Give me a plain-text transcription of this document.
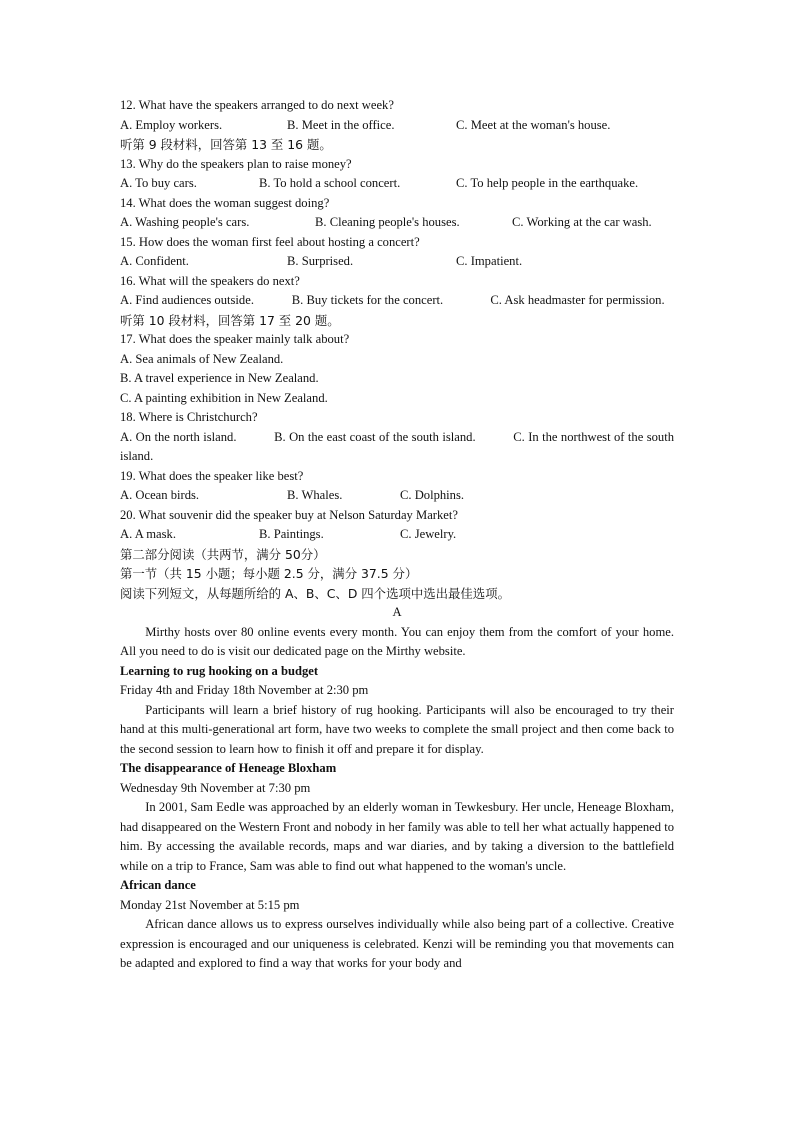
12. What have the speakers arranged to do next week?
A. Employ workers.	B. Meet in the office.	C. Meet at the woman's house.
听第 9 段材料，回答第 13 至 16 题。
13. Why do the speakers plan to raise money?
A. To buy cars.	B. To hold a school concert.	C. To help people in the earthquake.
14. What does the woman suggest doing?
A. Washing people's cars.	B. Cleaning people's houses.	C. Working at the car wash.
15. How does the woman first feel about hosting a concert?
A. Confident.	B. Surprised.	C. Impatient.
16. What will the speakers do next?
A. Find audiences outside.            B. Buy tickets for the concert.               C. Ask headmaster for permission.
听第 10 段材料，回答第 17 至 20 题。
17. What does the speaker mainly talk about?
A. Sea animals of New Zealand.
B. A travel experience in New Zealand.
C. A painting exhibition in New Zealand.
18. Where is Christchurch?
A. On the north island.           B. On the east coast of the south island.           C. In the northwest of the south island.
19. What does the speaker like best?
A. Ocean birds.	B. Whales.	C. Dolphins.
20. What souvenir did the speaker buy at Nelson Saturday Market?
A. A mask.	B. Paintings.	C. Jewelry.
第二部分阅读（共两节，满分 50分）
第一节（共 15 小题；每小题 2.5 分，满分 37.5 分）
阅读下列短文，从每题所给的 A、B、C、D 四个选项中选出最佳选项。
A
Mirthy hosts over 80 online events every month. You can enjoy them from the comfort of your home. All you need to do is visit our dedicated page on the Mirthy website.
Learning to rug hooking on a budget
Friday 4th and Friday 18th November at 2:30 pm
Participants will learn a brief history of rug hooking. Participants will also be encouraged to try their hand at this multi-generational art form, have two weeks to complete the small project and then come back to the second session to learn how to finish it off and prepare it for display.
The disappearance of Heneage Bloxham
Wednesday 9th November at 7:30 pm
In 2001, Sam Eedle was approached by an elderly woman in Tewkesbury. Her uncle, Heneage Bloxham, had disappeared on the Western Front and nobody in her family was able to tell her what actually happened to him. By accessing the available records, maps and war diaries, and by taking a diversion to the battlefield while on a trip to France, Sam was able to find out what happened to the woman's uncle.
African dance
Monday 21st November at 5:15 pm
African dance allows us to express ourselves individually while also being part of a collective. Creative expression is encouraged and our uniqueness is celebrated. Kenzi will be reminding you that movements can be adapted and explored to find a way that works for your body and
